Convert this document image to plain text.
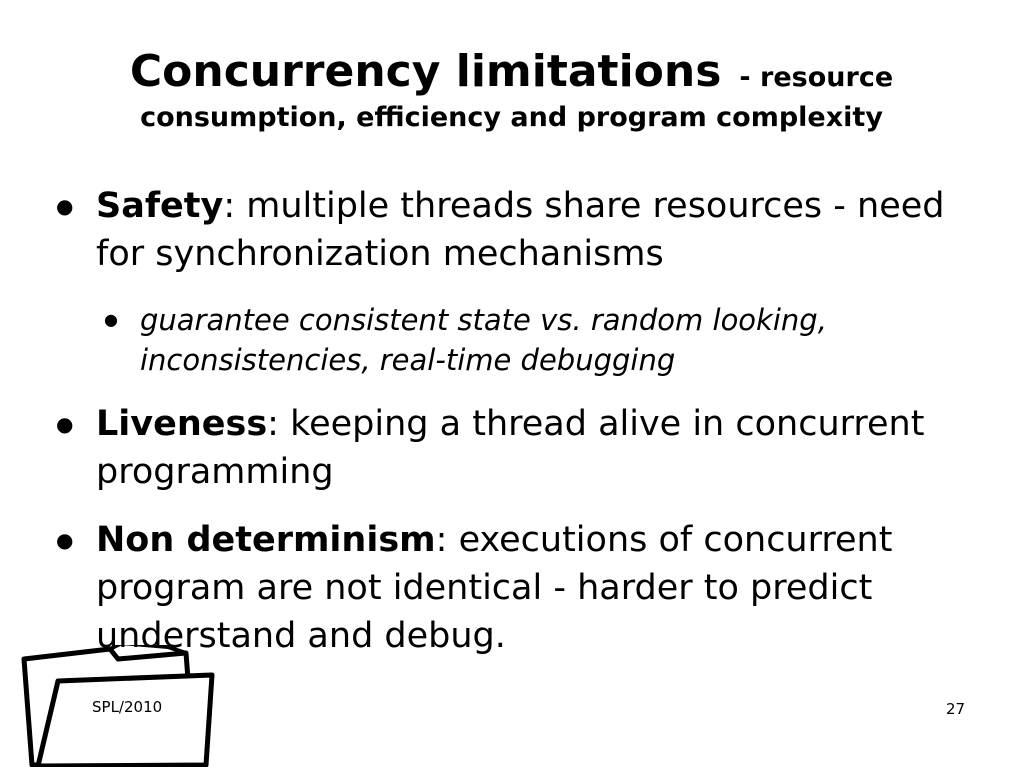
Concurrency limitations - resource
consumption, efficiency and program complexity
● Safety: multiple threads share resources - need for synchronization mechanisms
● guarantee consistent state vs. random looking, inconsistencies, real-time debugging
● Liveness: keeping a thread alive in concurrent programming
● Non determinism: executions of concurrent program are not identical - harder to predict understand and debug.
SPL/2010	27
